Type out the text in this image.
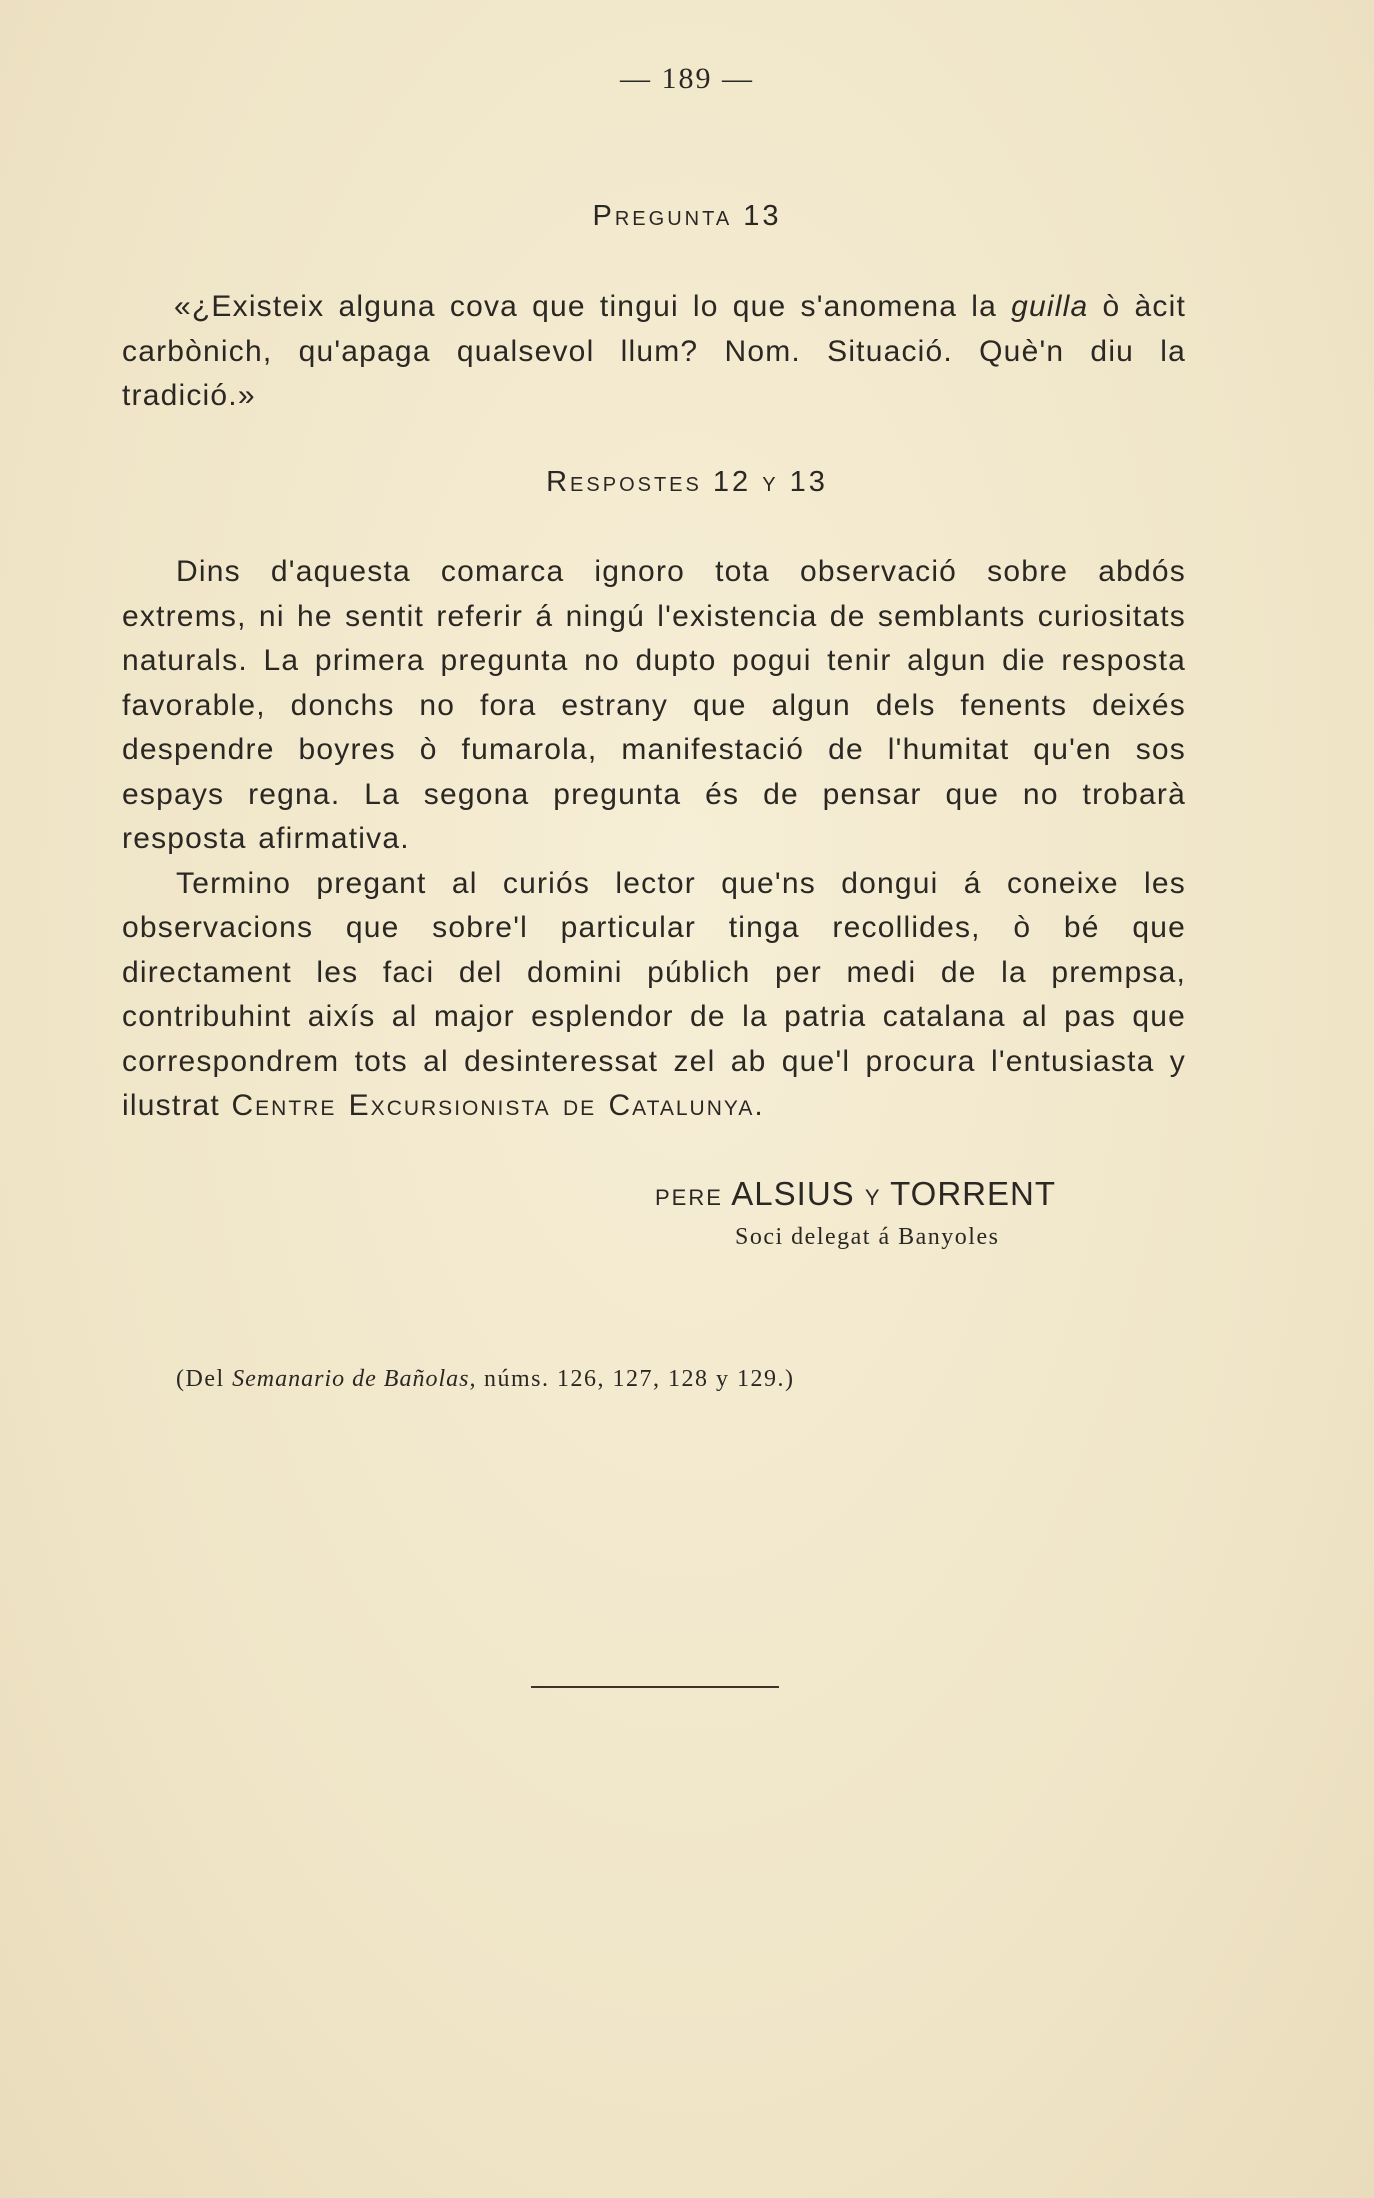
— 189 —
Pregunta 13
«¿Existeix alguna cova que tingui lo que s'anomena la guilla ò àcit carbònich, qu'apaga qualsevol llum? Nom. Situació. Què'n diu la tradició.»
Respostes 12 y 13

Dins d'aquesta comarca ignoro tota observació sobre abdós extrems, ni he sentit referir á ningú l'existencia de semblants curiositats naturals. La primera pregunta no dupto pogui tenir algun die resposta favorable, donchs no fora estrany que algun dels fenents deixés despendre boyres ò fumarola, manifestació de l'humitat qu'en sos espays regna. La segona pregunta és de pensar que no trobarà resposta afirmativa.

Termino pregant al curiós lector que'ns dongui á coneixe les observacions que sobre'l particular tinga recollides, ò bé que directament les faci del domini públich per medi de la prempsa, contribuhint aixís al major esplendor de la patria catalana al pas que correspondrem tots al desinteressat zel ab que'l procura l'entusiasta y ilustrat Centre Excursionista de Catalunya.

PERE ALSIUS Y TORRENT
Soci delegat á Banyoles
(Del Semanario de Bañolas, núms. 126, 127, 128 y 129.)
